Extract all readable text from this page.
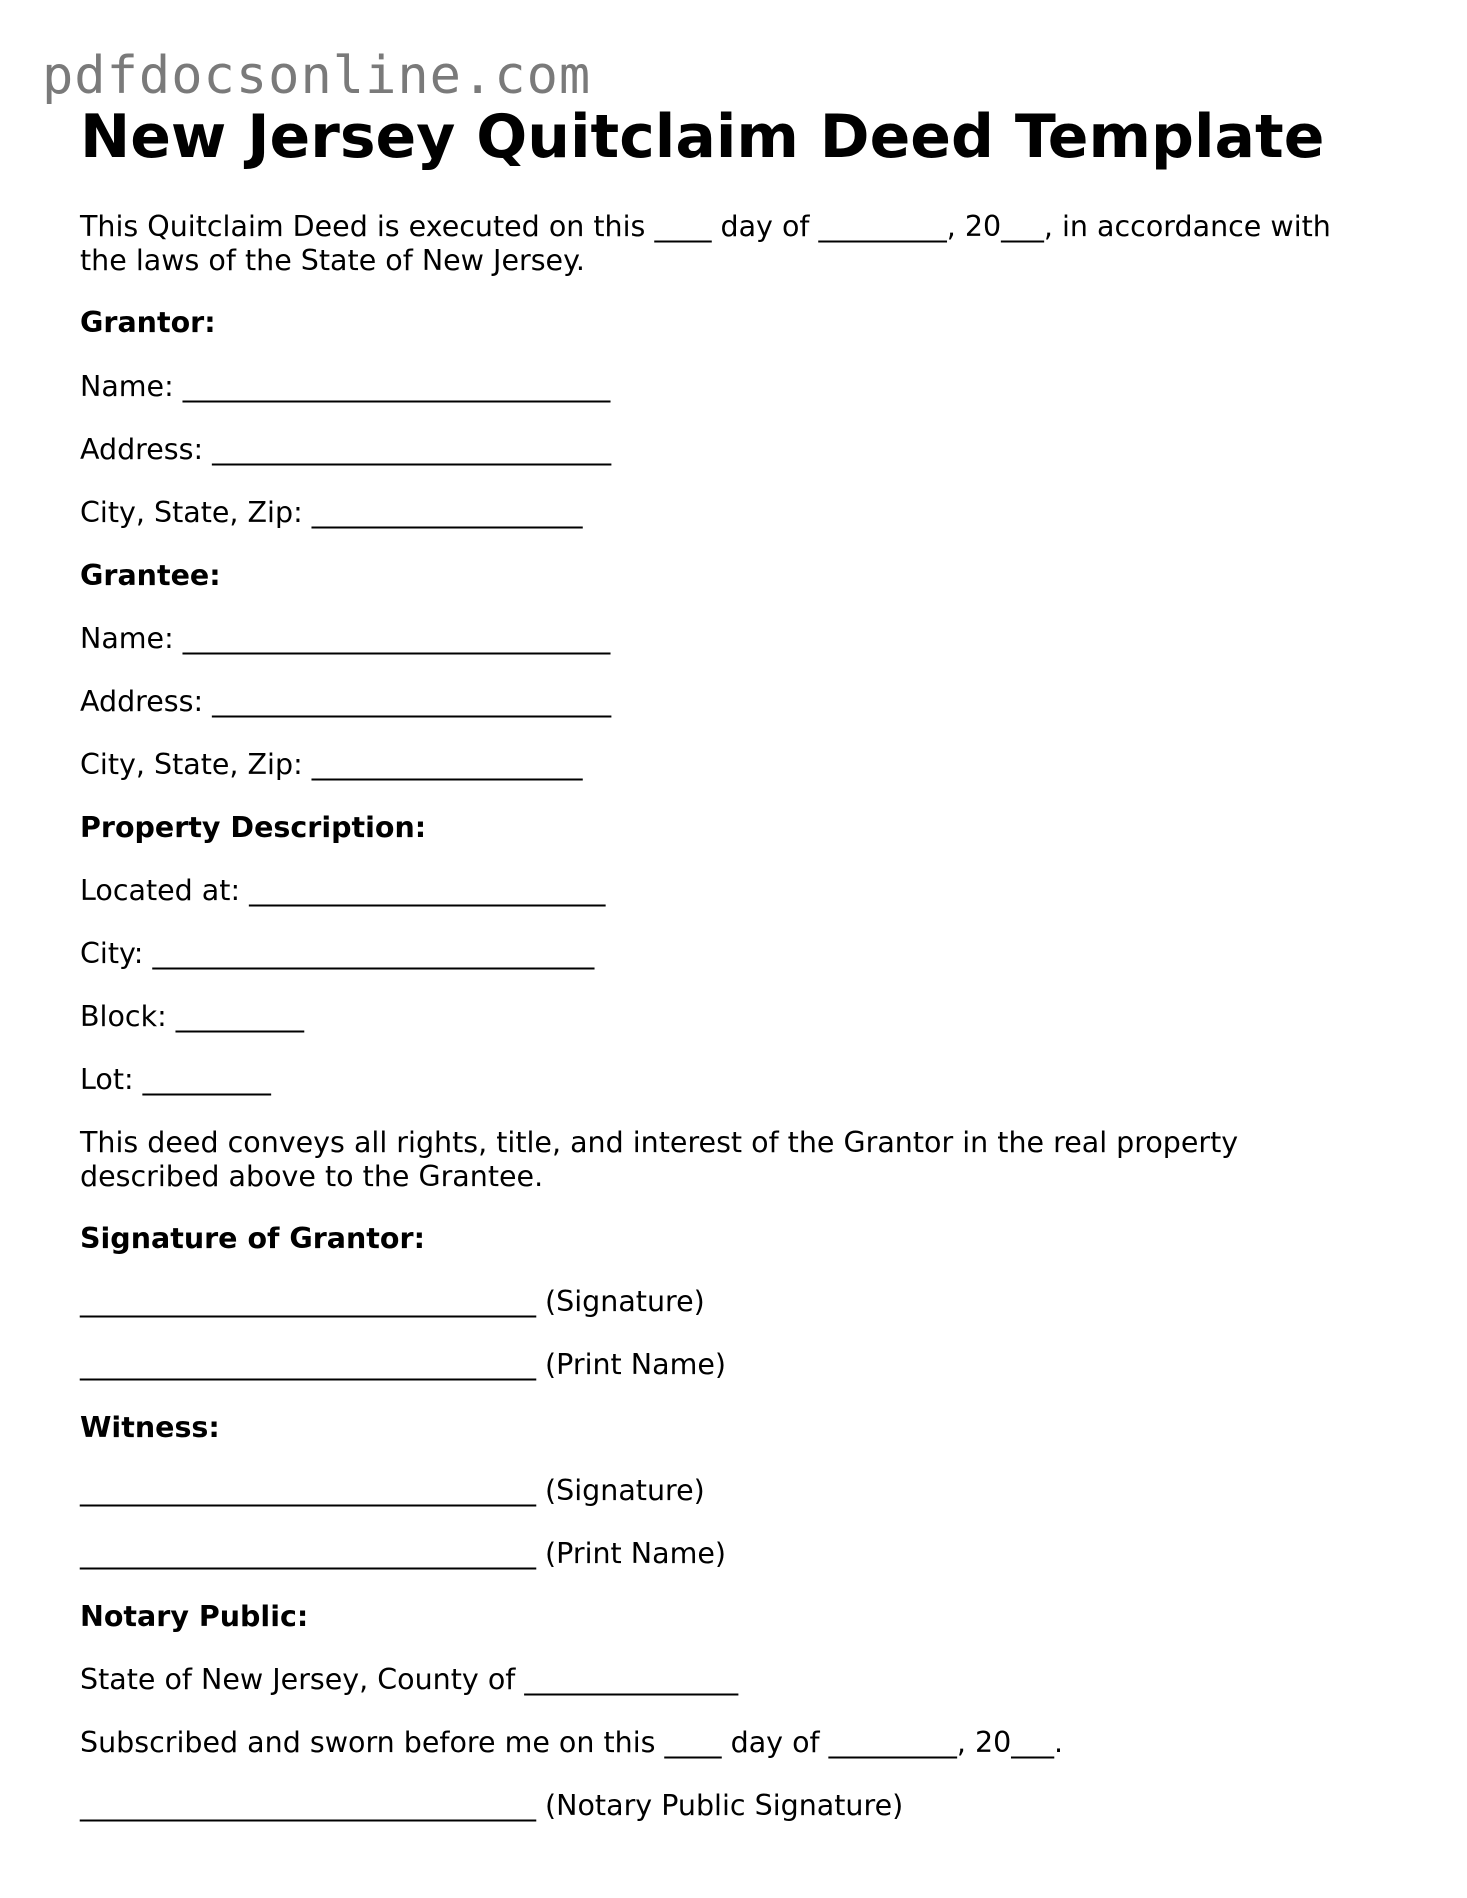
pdfdocsonline.com
New Jersey Quitclaim Deed Template
This Quitclaim Deed is executed on this ____ day of _________, 20___, in accordance with
the laws of the State of New Jersey.
Grantor:
Name: ______________________________
Address: ____________________________
City, State, Zip: ___________________
Grantee:
Name: ______________________________
Address: ____________________________
City, State, Zip: ___________________
Property Description:
Located at: _________________________
City: _______________________________
Block: _________
Lot: _________
This deed conveys all rights, title, and interest of the Grantor in the real property
described above to the Grantee.
Signature of Grantor:
________________________________ (Signature)
________________________________ (Print Name)
Witness:
________________________________ (Signature)
________________________________ (Print Name)
Notary Public:
State of New Jersey, County of _______________
Subscribed and sworn before me on this ____ day of _________, 20___.
________________________________ (Notary Public Signature)
